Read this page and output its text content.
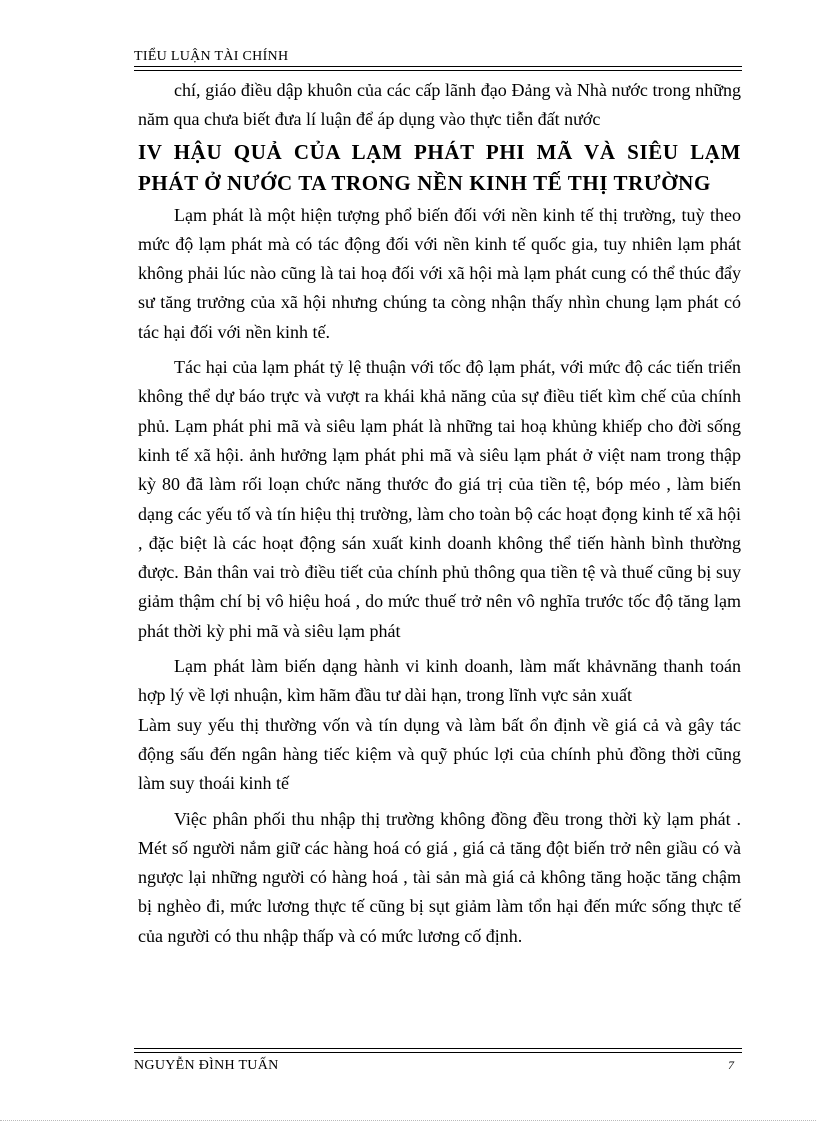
TIỂU LUẬN TÀI CHÍNH

chí, giáo điều dập khuôn của các cấp lãnh đạo Đảng và Nhà nước trong những năm qua chưa biết đưa lí luận để áp dụng vào thực tiễn đất nước

IV HẬU QUẢ CỦA LẠM PHÁT PHI MÃ VÀ SIÊU LẠM PHÁT Ở NƯỚC TA TRONG NỀN KINH TẾ THỊ TRƯỜNG

Lạm phát là một hiện tượng phổ biến đối với nền kinh tế thị trường, tuỳ theo mức độ lạm phát mà có tác động đối với nền kinh tế quốc gia, tuy nhiên lạm phát không phải lúc nào cũng là tai hoạ đối với xã hội mà lạm phát cung có thể thúc đẩy sư tăng trưởng của xã hội nhưng chúng ta còng nhận thấy nhìn chung lạm phát có tác hại đối với nền kinh tế.

Tác hại của lạm phát tỷ lệ thuận với tốc độ lạm phát, với mức độ các tiến triển không thể dự báo trực và vượt ra khái khả năng của sự điều tiết kìm chế của chính phủ. Lạm phát phi mã và siêu lạm phát là những tai hoạ khủng khiếp cho đời sống kinh tế xã hội. ảnh hưởng lạm phát phi mã và siêu lạm phát ở việt nam trong thập kỳ 80 đã làm rối loạn chức năng thước đo giá trị của tiền tệ, bóp méo , làm biến dạng các yếu tố và tín hiệu thị trường, làm cho toàn bộ các hoạt đọng kinh tế xã hội , đặc biệt là các hoạt động sán xuất kinh doanh không thể tiến hành bình thường được. Bản thân vai trò điều tiết của chính phủ thông qua tiền tệ và thuế cũng bị suy giảm thậm chí bị vô hiệu hoá , do mức thuế trở nên vô nghĩa trước tốc độ tăng lạm phát thời kỳ phi mã và siêu lạm phát

Lạm phát làm biến dạng hành vi kinh doanh, làm mất khảvnăng thanh toán hợp lý về lợi nhuận, kìm hãm đầu tư dài hạn, trong lĩnh vực sản xuất

Làm suy yếu thị thường vốn và tín dụng và làm bất ổn định về giá cả và gây tác động sấu đến ngân hàng tiếc kiệm và quỹ phúc lợi của chính phủ đồng thời cũng làm suy thoái kinh tế

Việc phân phối thu nhập thị trường không đồng đều trong thời kỳ lạm phát . Mét số người nắm giữ các hàng hoá có giá , giá cả tăng đột biến trở nên giầu có và ngược lại những người có hàng hoá , tài sản mà giá cả không tăng hoặc tăng chậm bị nghèo đi, mức lương thực tế cũng bị sụt giảm làm tổn hại đến mức sống thực tế của người có thu nhập thấp và có mức lương cố định.

NGUYỄN ĐÌNH TUẤN	7
